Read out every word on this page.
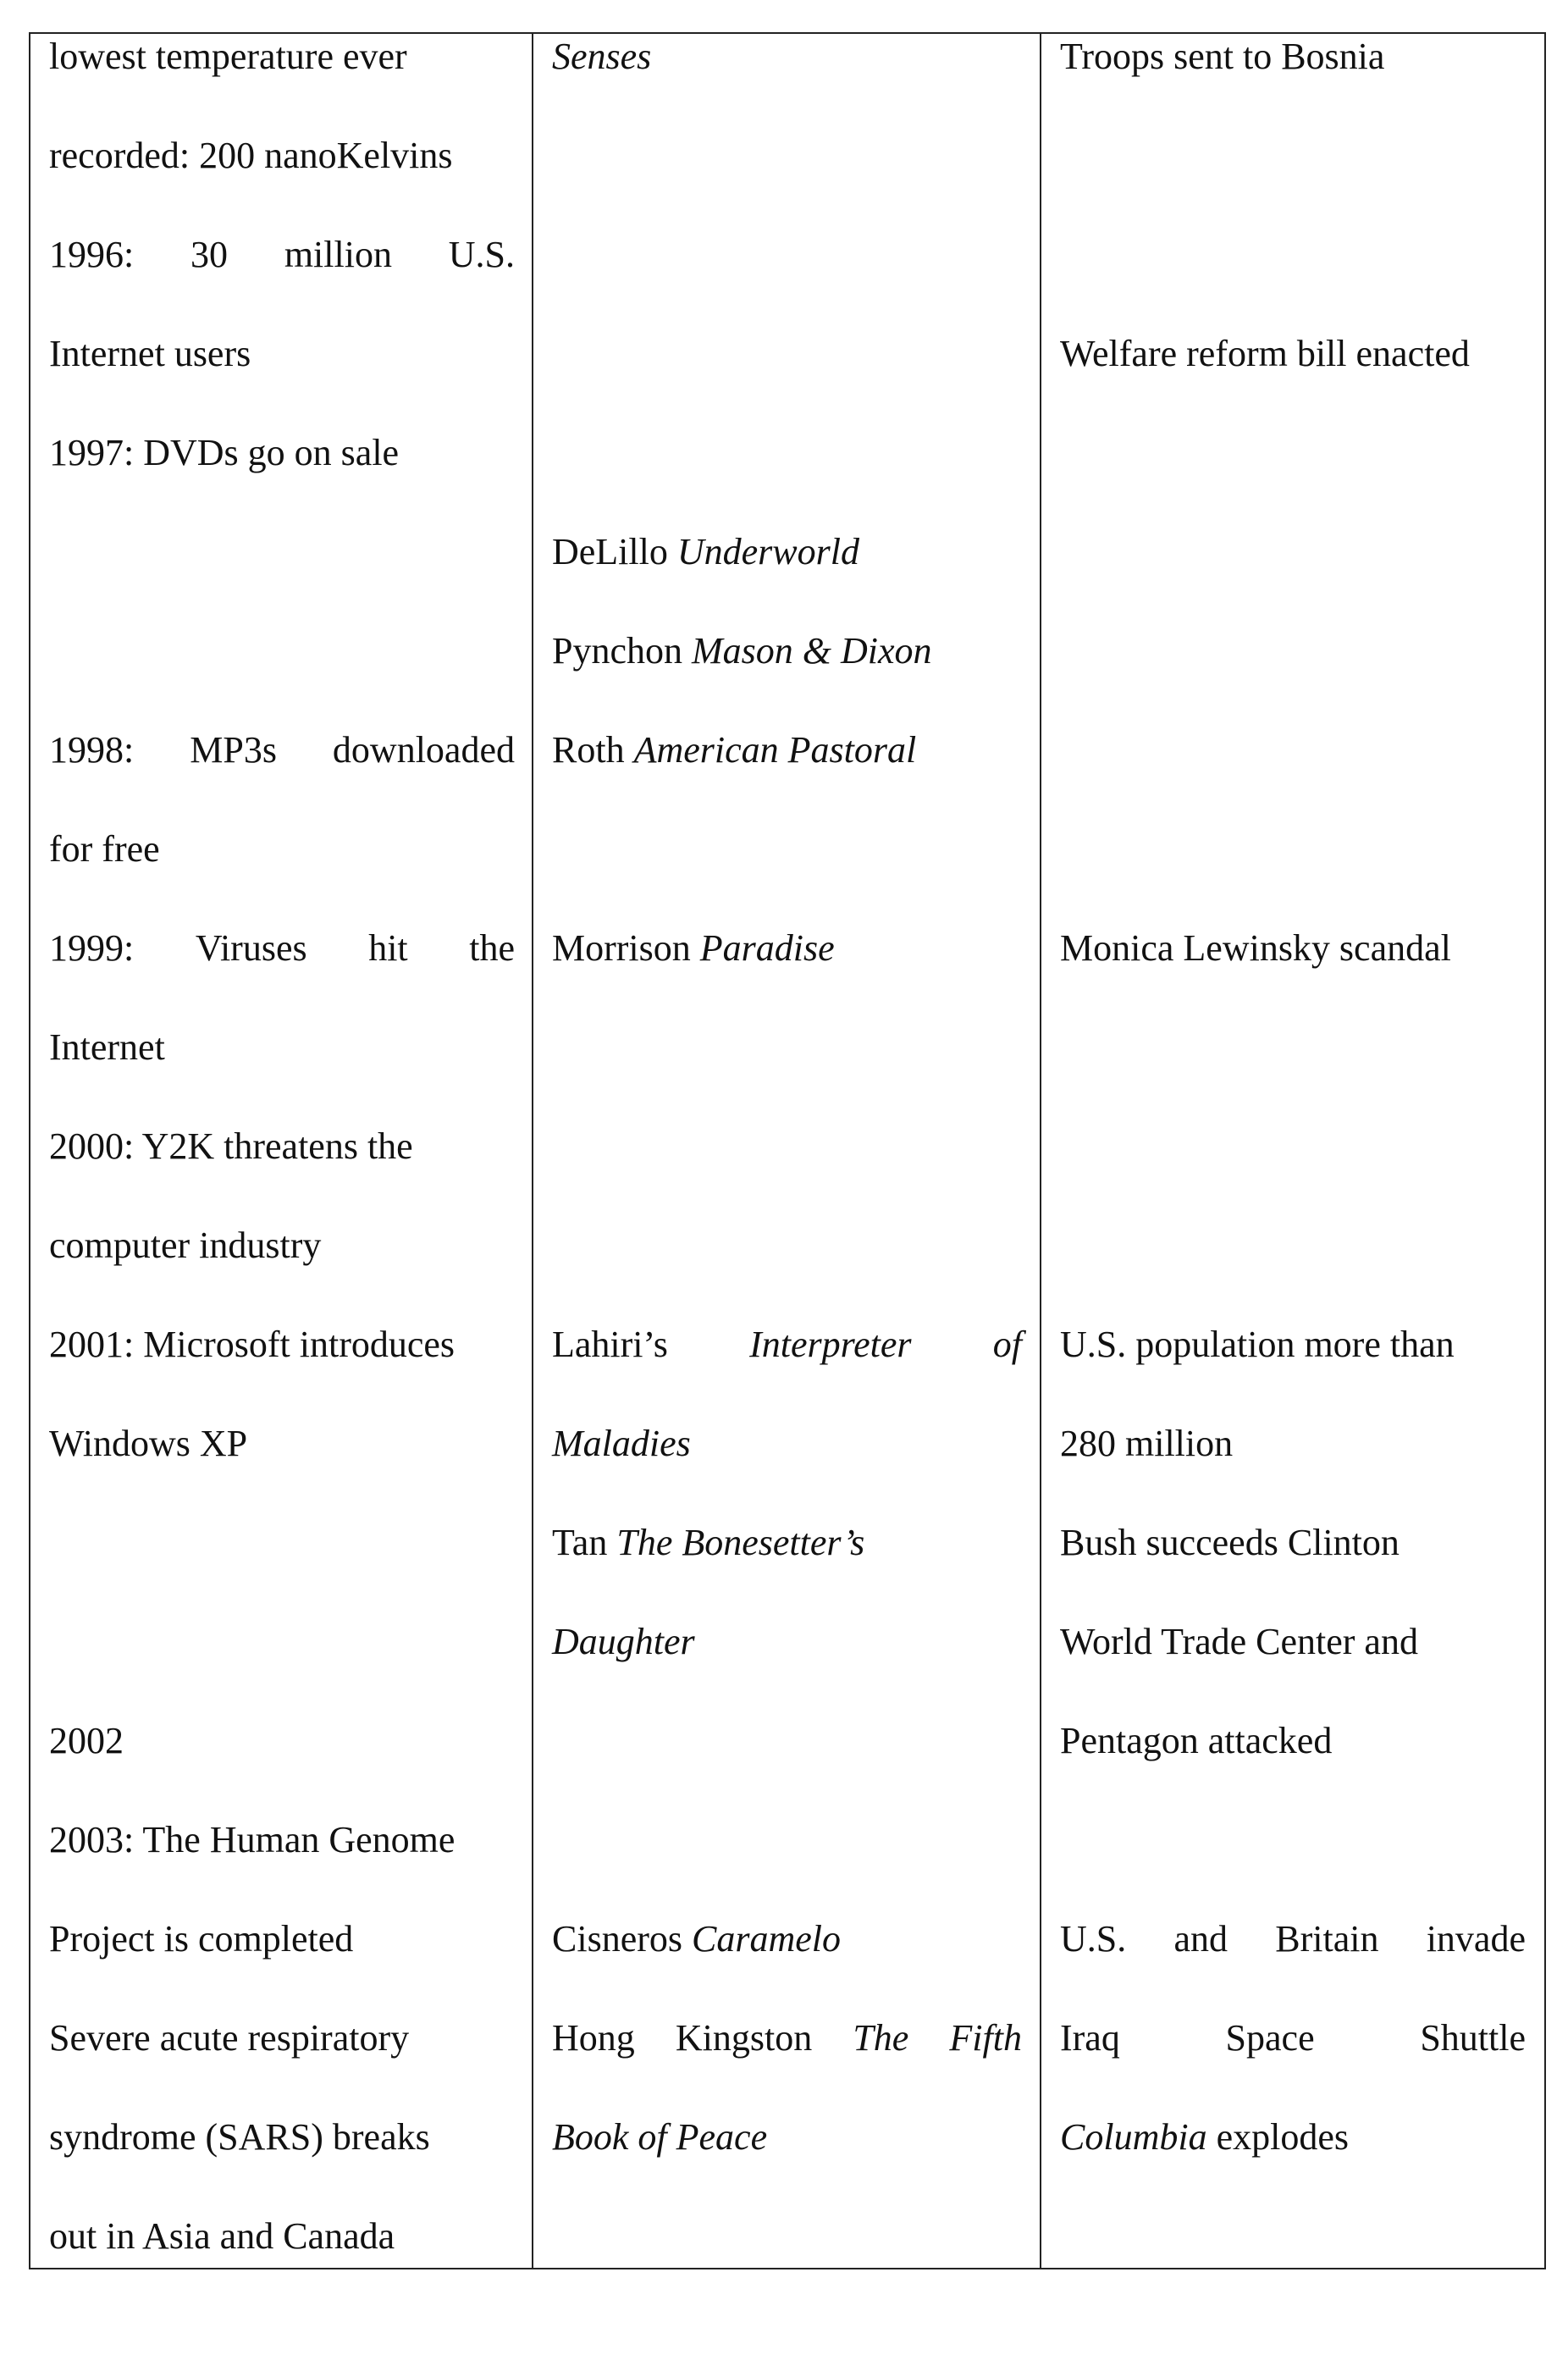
lowest temperature ever
recorded: 200 nanoKelvins
1996: 30 million U.S.
Internet users
1997: DVDs go on sale
1998: MP3s downloaded
for free
1999: Viruses hit the
Internet
2000: Y2K threatens the
computer industry
2001: Microsoft introduces
Windows XP
2002
2003: The Human Genome
Project is completed
Severe acute respiratory
syndrome (SARS) breaks
out in Asia and Canada
Senses
DeLillo Underworld
Pynchon Mason & Dixon
Roth American Pastoral
Morrison Paradise
Lahiri’s Interpreter of
Maladies
Tan The Bonesetter’s
Daughter
Cisneros Caramelo
Hong Kingston The Fifth
Book of Peace
Troops sent to Bosnia
Welfare reform bill enacted
Monica Lewinsky scandal
U.S. population more than
280 million
Bush succeeds Clinton
World Trade Center and
Pentagon attacked
U.S. and Britain invade
Iraq	Space	Shuttle
Columbia explodes
